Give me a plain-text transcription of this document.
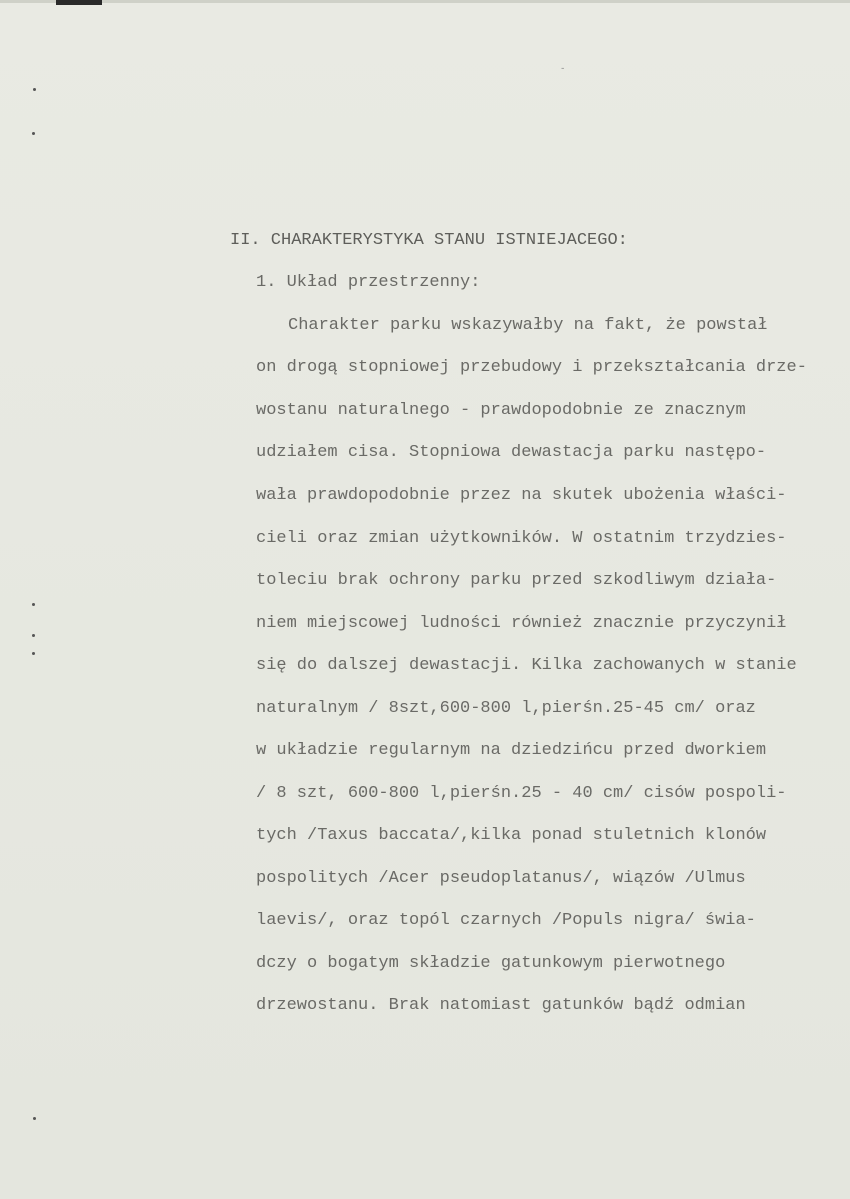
-
II. CHARAKTERYSTYKA STANU ISTNIEJACEGO:
1. Układ przestrzenny:
Charakter parku wskazywałby na fakt, że powstał
on drogą stopniowej przebudowy i przekształcania drze-
wostanu naturalnego - prawdopodobnie ze znacznym
udziałem cisa. Stopniowa dewastacja parku następo-
wała prawdopodobnie przez na skutek ubożenia właści-
cieli oraz zmian użytkowników. W ostatnim trzydzies-
toleciu brak ochrony parku przed szkodliwym działa-
niem miejscowej ludności również znacznie przyczynił
się do dalszej dewastacji. Kilka zachowanych w stanie
naturalnym / 8szt,600-800 l,pierśn.25-45 cm/ oraz
w układzie regularnym na dziedzińcu przed dworkiem
/ 8 szt, 600-800 l,pierśn.25 - 40 cm/ cisów pospoli-
tych /Taxus baccata/,kilka ponad stuletnich klonów
pospolitych /Acer pseudoplatanus/, wiązów /Ulmus
laevis/, oraz topól czarnych /Populs nigra/ świa-
dczy o bogatym składzie gatunkowym pierwotnego
drzewostanu. Brak natomiast gatunków bądź odmian
